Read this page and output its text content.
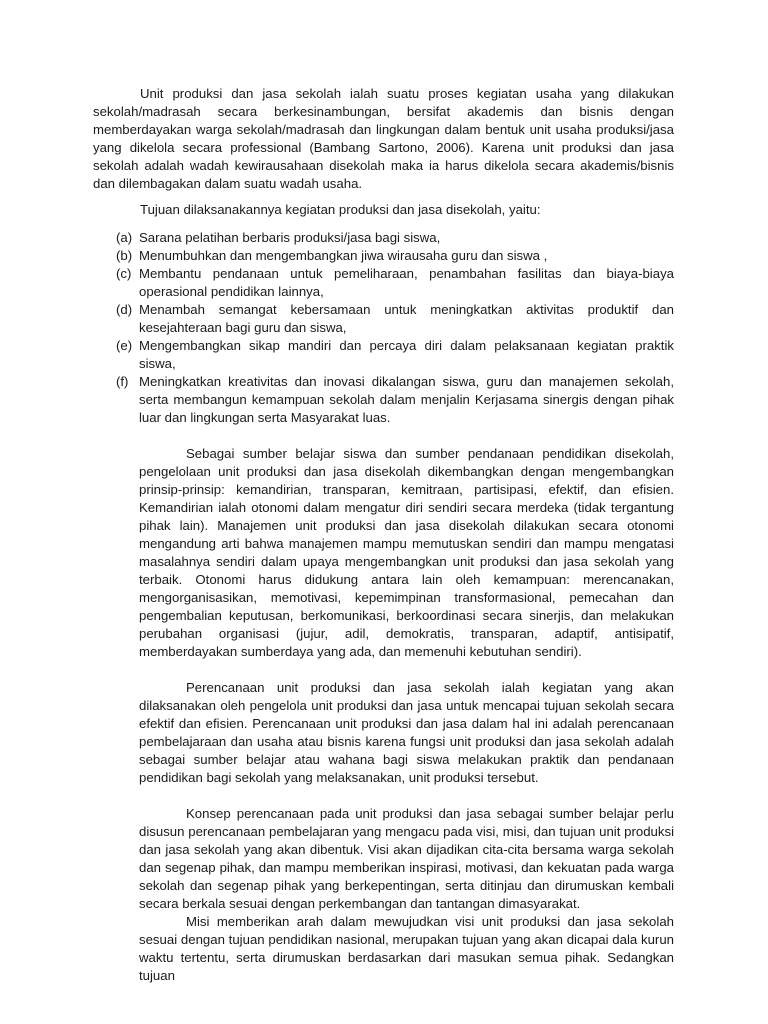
Unit produksi dan jasa sekolah ialah suatu proses kegiatan usaha yang dilakukan sekolah/madrasah secara berkesinambungan, bersifat akademis dan bisnis dengan memberdayakan warga sekolah/madrasah dan lingkungan dalam bentuk unit usaha produksi/jasa yang dikelola secara professional (Bambang Sartono, 2006). Karena unit produksi dan jasa sekolah adalah wadah kewirausahaan disekolah maka ia harus dikelola secara akademis/bisnis dan dilembagakan dalam suatu wadah usaha.

Tujuan dilaksanakannya kegiatan produksi dan jasa disekolah, yaitu:

(a) Sarana pelatihan berbaris produksi/jasa bagi siswa,
(b) Menumbuhkan dan mengembangkan jiwa wirausaha guru dan siswa ,
(c) Membantu pendanaan untuk pemeliharaan, penambahan fasilitas dan biaya-biaya operasional pendidikan lainnya,
(d) Menambah semangat kebersamaan untuk meningkatkan aktivitas produktif dan kesejahteraan bagi guru dan siswa,
(e) Mengembangkan sikap mandiri dan percaya diri dalam pelaksanaan kegiatan praktik siswa,
(f) Meningkatkan kreativitas dan inovasi dikalangan siswa, guru dan manajemen sekolah, serta membangun kemampuan sekolah dalam menjalin Kerjasama sinergis dengan pihak luar dan lingkungan serta Masyarakat luas.

Sebagai sumber belajar siswa dan sumber pendanaan pendidikan disekolah, pengelolaan unit produksi dan jasa disekolah dikembangkan dengan mengembangkan prinsip-prinsip: kemandirian, transparan, kemitraan, partisipasi, efektif, dan efisien. Kemandirian ialah otonomi dalam mengatur diri sendiri secara merdeka (tidak tergantung pihak lain). Manajemen unit produksi dan jasa disekolah dilakukan secara otonomi mengandung arti bahwa manajemen mampu memutuskan sendiri dan mampu mengatasi masalahnya sendiri dalam upaya mengembangkan unit produksi dan jasa sekolah yang terbaik. Otonomi harus didukung antara lain oleh kemampuan: merencanakan, mengorganisasikan, memotivasi, kepemimpinan transformasional, pemecahan dan pengembalian keputusan, berkomunikasi, berkoordinasi secara sinerjis, dan melakukan perubahan organisasi (jujur, adil, demokratis, transparan, adaptif, antisipatif, memberdayakan sumberdaya yang ada, dan memenuhi kebutuhan sendiri).

Perencanaan unit produksi dan jasa sekolah ialah kegiatan yang akan dilaksanakan oleh pengelola unit produksi dan jasa untuk mencapai tujuan sekolah secara efektif dan efisien. Perencanaan unit produksi dan jasa dalam hal ini adalah perencanaan pembelajaraan dan usaha atau bisnis karena fungsi unit produksi dan jasa sekolah adalah sebagai sumber belajar atau wahana bagi siswa melakukan praktik dan pendanaan pendidikan bagi sekolah yang melaksanakan, unit produksi tersebut.

Konsep perencanaan pada unit produksi dan jasa sebagai sumber belajar perlu disusun perencanaan pembelajaran yang mengacu pada visi, misi, dan tujuan unit produksi dan jasa sekolah yang akan dibentuk. Visi akan dijadikan cita-cita bersama warga sekolah dan segenap pihak, dan mampu memberikan inspirasi, motivasi, dan kekuatan pada warga sekolah dan segenap pihak yang berkepentingan, serta ditinjau dan dirumuskan kembali secara berkala sesuai dengan perkembangan dan tantangan dimasyarakat.

Misi memberikan arah dalam mewujudkan visi unit produksi dan jasa sekolah sesuai dengan tujuan pendidikan nasional, merupakan tujuan yang akan dicapai dala kurun waktu tertentu, serta dirumuskan berdasarkan dari masukan semua pihak. Sedangkan tujuan
